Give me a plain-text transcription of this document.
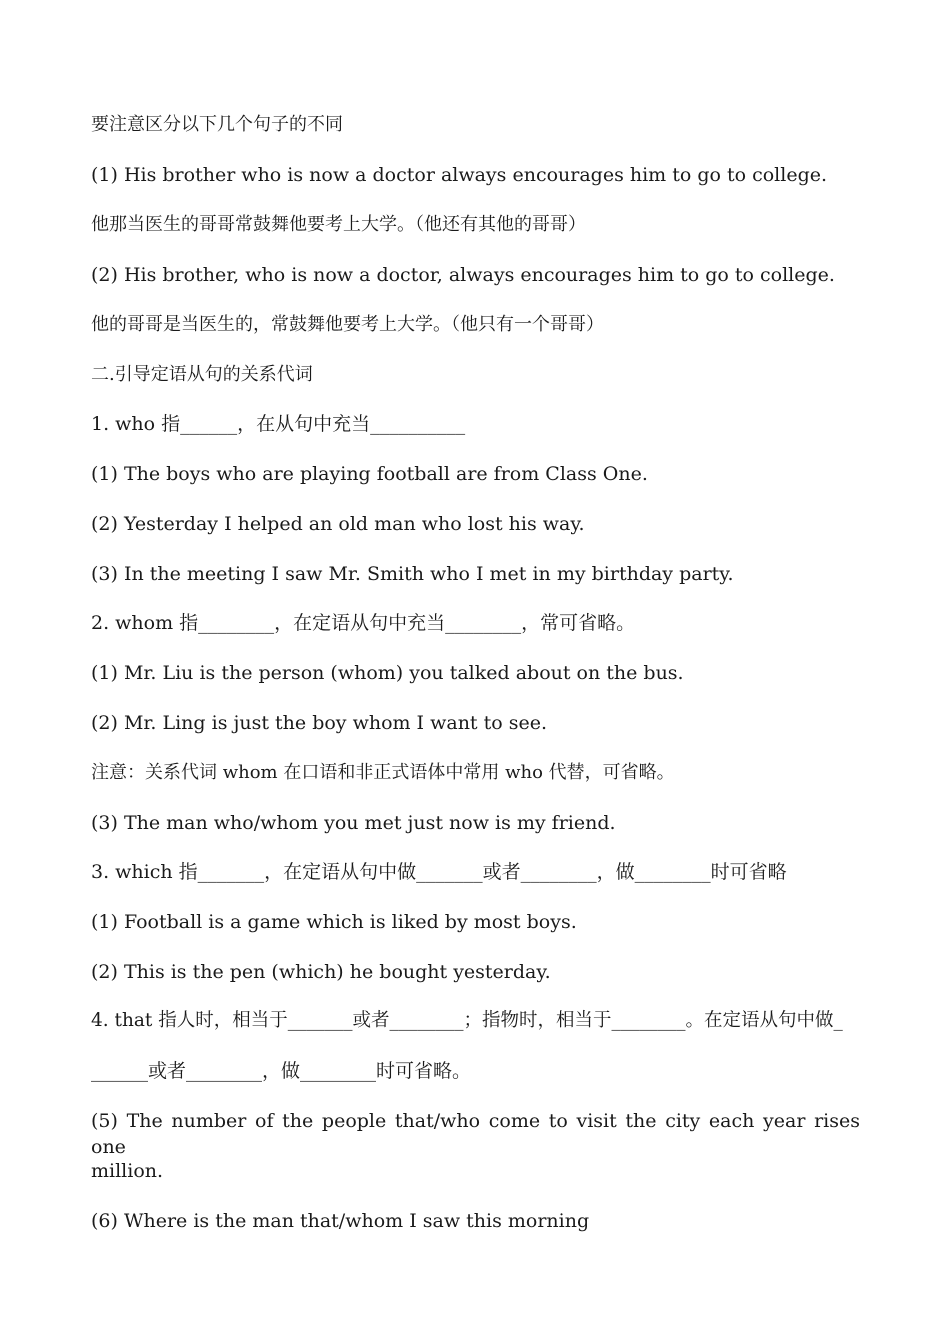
要注意区分以下几个句子的不同
(1) His brother who is now a doctor always encourages him to go to college.
他那当医生的哥哥常鼓舞他要考上大学。（他还有其他的哥哥）
(2) His brother, who is now a doctor, always encourages him to go to college.
他的哥哥是当医生的，常鼓舞他要考上大学。（他只有一个哥哥）
二.引导定语从句的关系代词
1. who 指______，在从句中充当__________
(1) The boys who are playing football are from Class One.
(2) Yesterday I helped an old man who lost his way.
(3) In the meeting I saw Mr. Smith who I met in my birthday party.
2. whom 指________，在定语从句中充当________，常可省略。
(1) Mr. Liu is the person (whom) you talked about on the bus.
(2) Mr. Ling is just the boy whom I want to see.
注意：关系代词 whom 在口语和非正式语体中常用 who 代替，可省略。
(3) The man who/whom you met just now is my friend.
3. which 指_______，在定语从句中做_______或者________，做________时可省略
(1) Football is a game which is liked by most boys.
(2) This is the pen (which) he bought yesterday.
4. that 指人时，相当于_______或者________；指物时，相当于________。在定语从句中做_
______或者________，做________时可省略。
(5) The number of the people that/who come to visit the city each year rises one
million.
(6) Where is the man that/whom I saw this morning
